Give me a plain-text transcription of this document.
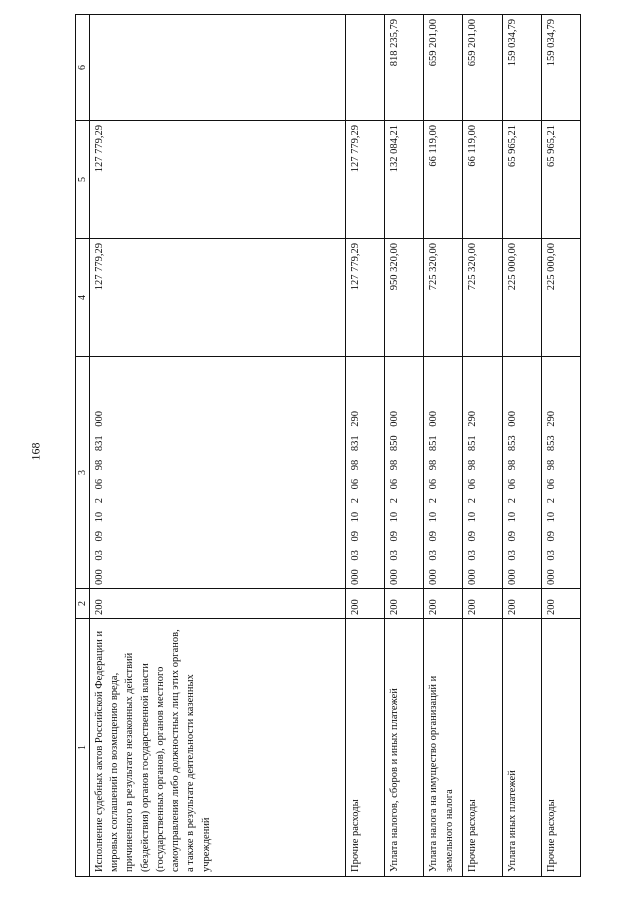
168
1	2	3	4	5	6
Исполнение судебных актов Российской Федерации и мировых соглашений по возмещению вреда, причиненного в результате незаконных действий (бездействия) органов государственной власти (государственных органов), органов местного самоуправления либо должностных лиц этих органов, а также в результате деятельности казенных учреждений	200	000 03 09 10 2 06 98 831 000	127 779,29	127 779,29	
Прочие расходы	200	000 03 09 10 2 06 98 831 290	127 779,29	127 779,29	
Уплата налогов, сборов и иных платежей	200	000 03 09 10 2 06 98 850 000	950 320,00	132 084,21	818 235,79
Уплата налога на имущество организаций и земельного налога	200	000 03 09 10 2 06 98 851 000	725 320,00	66 119,00	659 201,00
Прочие расходы	200	000 03 09 10 2 06 98 851 290	725 320,00	66 119,00	659 201,00
Уплата иных платежей	200	000 03 09 10 2 06 98 853 000	225 000,00	65 965,21	159 034,79
Прочие расходы	200	000 03 09 10 2 06 98 853 290	225 000,00	65 965,21	159 034,79
